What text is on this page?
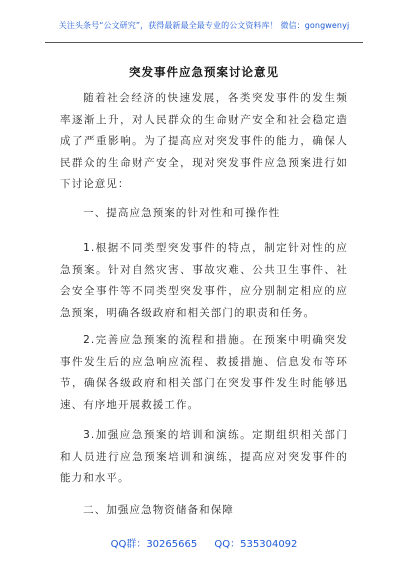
关注头条号“公文研究”，获得最新最全最专业的公文资料库！ 微信：gongwenyj
突发事件应急预案讨论意见

随着社会经济的快速发展，各类突发事件的发生频率逐渐上升，对人民群众的生命财产安全和社会稳定造成了严重影响。为了提高应对突发事件的能力，确保人民群众的生命财产安全，现对突发事件应急预案进行如下讨论意见：

一、提高应急预案的针对性和可操作性

1.根据不同类型突发事件的特点，制定针对性的应急预案。针对自然灾害、事故灾难、公共卫生事件、社会安全事件等不同类型突发事件，应分别制定相应的应急预案，明确各级政府和相关部门的职责和任务。

2.完善应急预案的流程和措施。在预案中明确突发事件发生后的应急响应流程、救援措施、信息发布等环节，确保各级政府和相关部门在突发事件发生时能够迅速、有序地开展救援工作。

3.加强应急预案的培训和演练。定期组织相关部门和人员进行应急预案培训和演练，提高应对突发事件的能力和水平。

二、加强应急物资储备和保障

QQ群：30265665 QQ：535304092
